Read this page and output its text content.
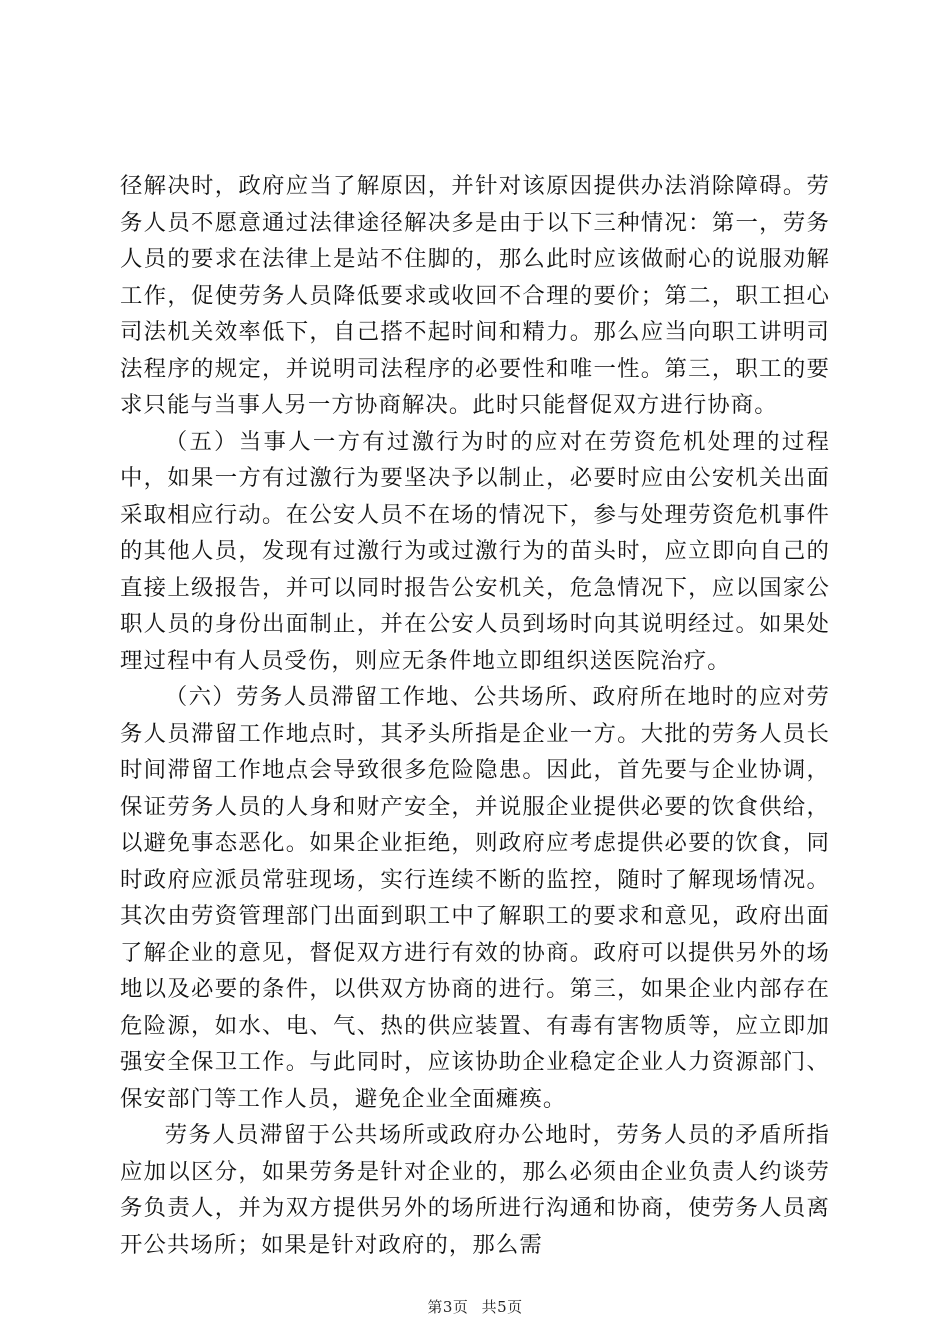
径解决时，政府应当了解原因，并针对该原因提供办法消除障碍。劳务人员不愿意通过法律途径解决多是由于以下三种情况：第一，劳务人员的要求在法律上是站不住脚的，那么此时应该做耐心的说服劝解工作，促使劳务人员降低要求或收回不合理的要价；第二，职工担心司法机关效率低下，自己搭不起时间和精力。那么应当向职工讲明司法程序的规定，并说明司法程序的必要性和唯一性。第三，职工的要求只能与当事人另一方协商解决。此时只能督促双方进行协商。

（五）当事人一方有过激行为时的应对在劳资危机处理的过程中，如果一方有过激行为要坚决予以制止，必要时应由公安机关出面采取相应行动。在公安人员不在场的情况下，参与处理劳资危机事件的其他人员，发现有过激行为或过激行为的苗头时，应立即向自己的直接上级报告，并可以同时报告公安机关，危急情况下，应以国家公职人员的身份出面制止，并在公安人员到场时向其说明经过。如果处理过程中有人员受伤，则应无条件地立即组织送医院治疗。

（六）劳务人员滞留工作地、公共场所、政府所在地时的应对劳务人员滞留工作地点时，其矛头所指是企业一方。大批的劳务人员长时间滞留工作地点会导致很多危险隐患。因此，首先要与企业协调，保证劳务人员的人身和财产安全，并说服企业提供必要的饮食供给，以避免事态恶化。如果企业拒绝，则政府应考虑提供必要的饮食，同时政府应派员常驻现场，实行连续不断的监控，随时了解现场情况。其次由劳资管理部门出面到职工中了解职工的要求和意见，政府出面了解企业的意见，督促双方进行有效的协商。政府可以提供另外的场地以及必要的条件，以供双方协商的进行。第三，如果企业内部存在危险源，如水、电、气、热的供应装置、有毒有害物质等，应立即加强安全保卫工作。与此同时，应该协助企业稳定企业人力资源部门、保安部门等工作人员，避免企业全面瘫痪。

劳务人员滞留于公共场所或政府办公地时，劳务人员的矛盾所指应加以区分，如果劳务是针对企业的，那么必须由企业负责人约谈劳务负责人，并为双方提供另外的场所进行沟通和协商，使劳务人员离开公共场所；如果是针对政府的，那么需

第3页 共5页
